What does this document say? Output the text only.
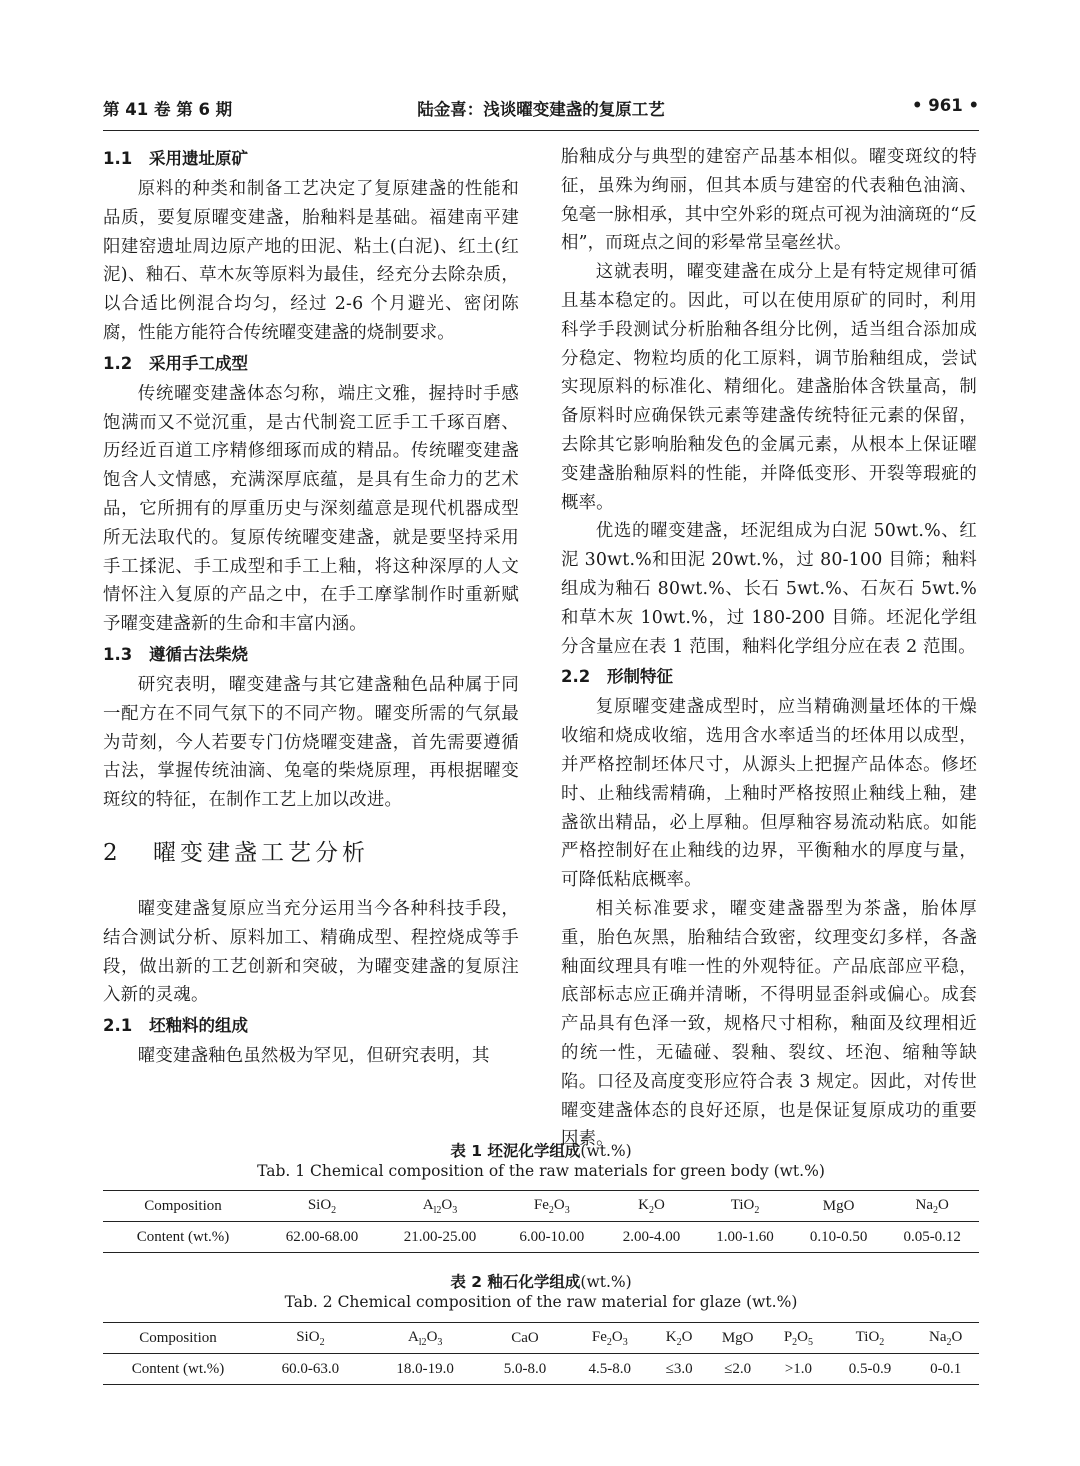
第 41 卷 第 6 期	陆金喜：浅谈曜变建盏的复原工艺	• 961 •
1.1 采用遗址原矿

原料的种类和制备工艺决定了复原建盏的性能和品质，要复原曜变建盏，胎釉料是基础。福建南平建阳建窑遗址周边原产地的田泥、粘土(白泥)、红土(红泥)、釉石、草木灰等原料为最佳，经充分去除杂质，以合适比例混合均匀，经过 2-6 个月避光、密闭陈腐，性能方能符合传统曜变建盏的烧制要求。

1.2 采用手工成型

传统曜变建盏体态匀称，端庄文雅，握持时手感饱满而又不觉沉重，是古代制瓷工匠手工千琢百磨、历经近百道工序精修细琢而成的精品。传统曜变建盏饱含人文情感，充满深厚底蕴，是具有生命力的艺术品，它所拥有的厚重历史与深刻蕴意是现代机器成型所无法取代的。复原传统曜变建盏，就是要坚持采用手工揉泥、手工成型和手工上釉，将这种深厚的人文情怀注入复原的产品之中，在手工摩挲制作时重新赋予曜变建盏新的生命和丰富内涵。

1.3 遵循古法柴烧

研究表明，曜变建盏与其它建盏釉色品种属于同一配方在不同气氛下的不同产物。曜变所需的气氛最为苛刻，今人若要专门仿烧曜变建盏，首先需要遵循古法，掌握传统油滴、兔毫的柴烧原理，再根据曜变斑纹的特征，在制作工艺上加以改进。

2 曜变建盏工艺分析

曜变建盏复原应当充分运用当今各种科技手段，结合测试分析、原料加工、精确成型、程控烧成等手段，做出新的工艺创新和突破，为曜变建盏的复原注入新的灵魂。

2.1 坯釉料的组成

曜变建盏釉色虽然极为罕见，但研究表明，其

胎釉成分与典型的建窑产品基本相似。曜变斑纹的特征，虽殊为绚丽，但其本质与建窑的代表釉色油滴、兔毫一脉相承，其中空外彩的斑点可视为油滴斑的“反相”，而斑点之间的彩晕常呈毫丝状。

这就表明，曜变建盏在成分上是有特定规律可循且基本稳定的。因此，可以在使用原矿的同时，利用科学手段测试分析胎釉各组分比例，适当组合添加成分稳定、物粒均质的化工原料，调节胎釉组成，尝试实现原料的标准化、精细化。建盏胎体含铁量高，制备原料时应确保铁元素等建盏传统特征元素的保留，去除其它影响胎釉发色的金属元素，从根本上保证曜变建盏胎釉原料的性能，并降低变形、开裂等瑕疵的概率。

优选的曜变建盏，坯泥组成为白泥 50wt.%、红泥 30wt.%和田泥 20wt.%，过 80-100 目筛；釉料组成为釉石 80wt.%、长石 5wt.%、石灰石 5wt.%和草木灰 10wt.%，过 180-200 目筛。坯泥化学组分含量应在表 1 范围，釉料化学组分应在表 2 范围。

2.2 形制特征

复原曜变建盏成型时，应当精确测量坯体的干燥收缩和烧成收缩，选用含水率适当的坯体用以成型，并严格控制坯体尺寸，从源头上把握产品体态。修坯时、止釉线需精确，上釉时严格按照止釉线上釉，建盏欲出精品，必上厚釉。但厚釉容易流动粘底。如能严格控制好在止釉线的边界，平衡釉水的厚度与量，可降低粘底概率。

相关标准要求，曜变建盏器型为茶盏，胎体厚重，胎色灰黑，胎釉结合致密，纹理变幻多样，各盏釉面纹理具有唯一性的外观特征。产品底部应平稳，底部标志应正确并清晰，不得明显歪斜或偏心。成套产品具有色泽一致，规格尺寸相称，釉面及纹理相近的统一性，无磕碰、裂釉、裂纹、坯泡、缩釉等缺陷。口径及高度变形应符合表 3 规定。因此，对传世曜变建盏体态的良好还原，也是保证复原成功的重要因素。

表 1 坯泥化学组成(wt.%)
Tab. 1 Chemical composition of the raw materials for green body (wt.%)
Composition	SiO$_2$	$A_{l2}O_3$	$Fe_2O_3$	$K_2O$	TiO$_2$	MgO	$Na_2O$
Content (wt.%)	62.00-68.00	21.00-25.00	6.00-10.00	2.00-4.00	1.00-1.60	0.10-0.50	0.05-0.12
表 2 釉石化学组成(wt.%)
Tab. 2 Chemical composition of the raw material for glaze (wt.%)
Composition	SiO$_2$	$A_{l2}O_3$	CaO	$Fe_2O_3$	$K_2O$	MgO	$P_2O_5$	TiO$_2$	$Na_2O$
Content (wt.%)	60.0-63.0	18.0-19.0	5.0-8.0	4.5-8.0	≤3.0	≤2.0	>1.0	0.5-0.9	0-0.1
